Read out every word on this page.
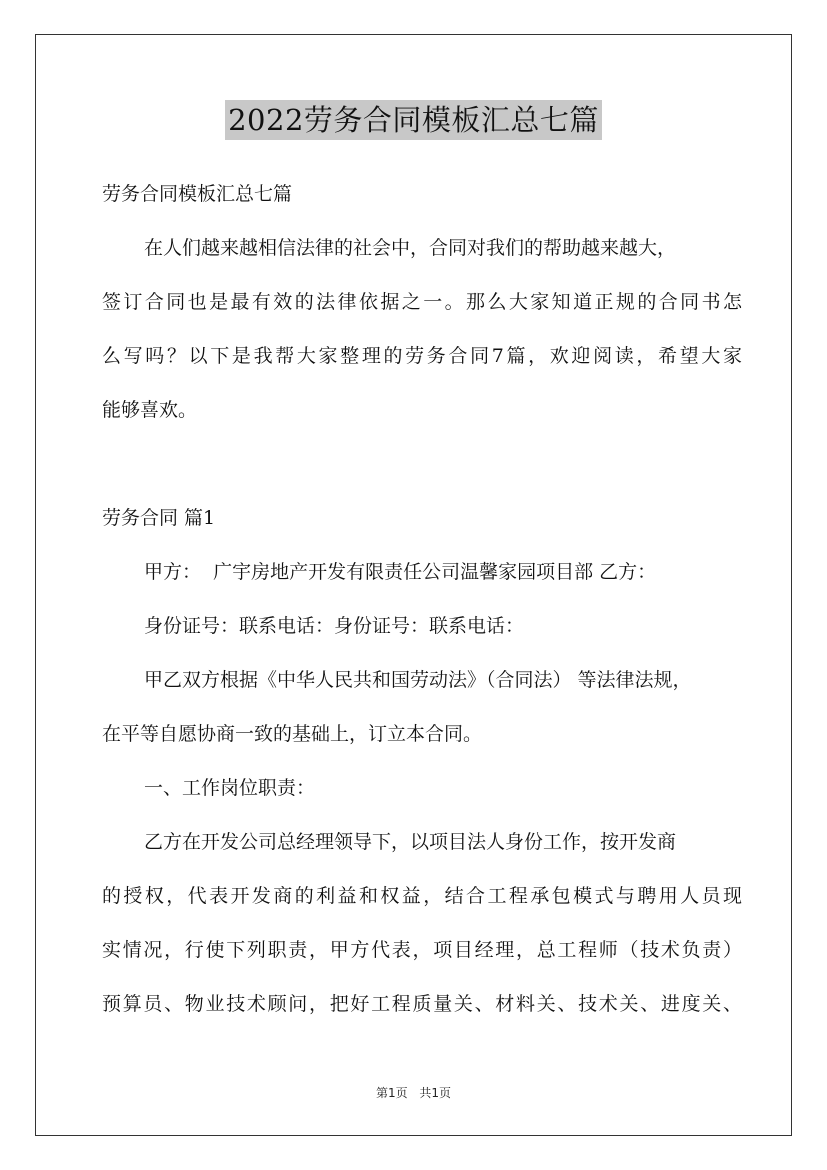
2022劳务合同模板汇总七篇
劳务合同模板汇总七篇
在人们越来越相信法律的社会中，合同对我们的帮助越来越大，
签订合同也是最有效的法律依据之一。那么大家知道正规的合同书怎
么写吗？以下是我帮大家整理的劳务合同7篇，欢迎阅读，希望大家
能够喜欢。
劳务合同 篇1
甲方：  广宇房地产开发有限责任公司温馨家园项目部 乙方：
身份证号：联系电话：身份证号：联系电话：
甲乙双方根据《中华人民共和国劳动法》（合同法） 等法律法规，
在平等自愿协商一致的基础上，订立本合同。
一、工作岗位职责：
乙方在开发公司总经理领导下，以项目法人身份工作，按开发商
的授权，代表开发商的利益和权益，结合工程承包模式与聘用人员现
实情况，行使下列职责，甲方代表，项目经理，总工程师（技术负责）
预算员、物业技术顾问，把好工程质量关、材料关、技术关、进度关、
第1页 共1页
